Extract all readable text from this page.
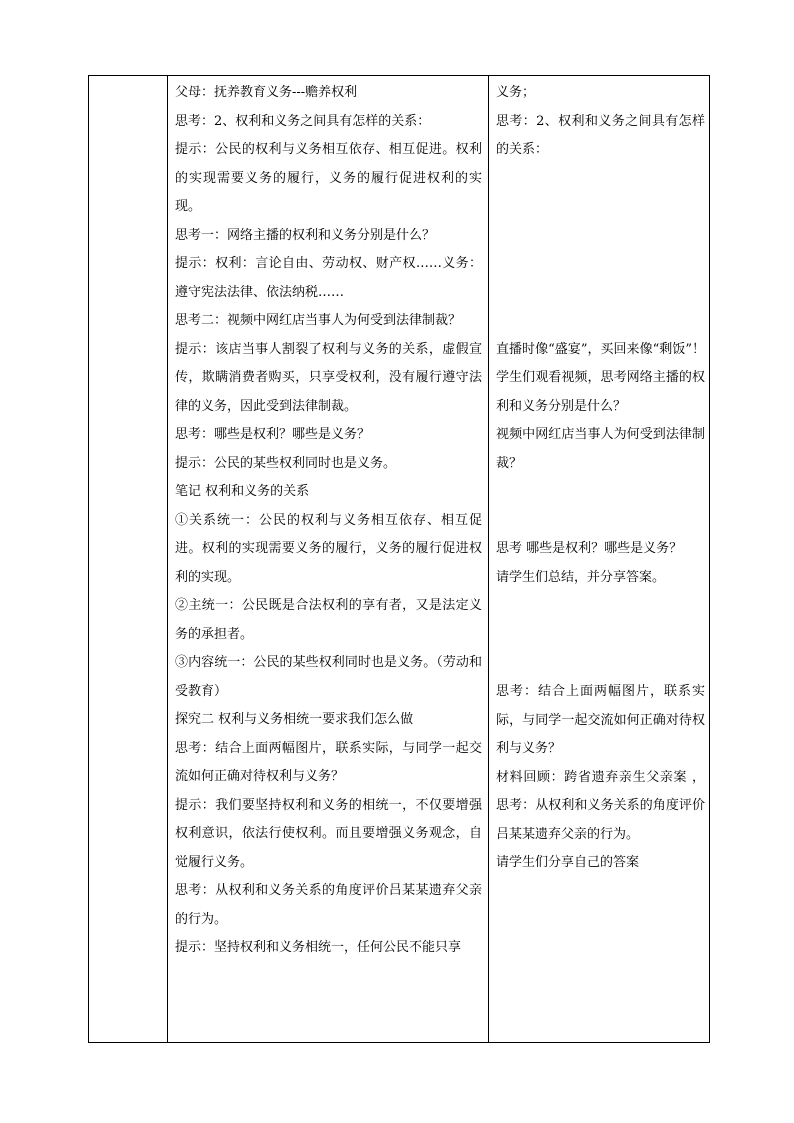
父母：抚养教育义务---赡养权利

思考：2、权利和义务之间具有怎样的关系：

提示：公民的权利与义务相互依存、相互促进。权利的实现需要义务的履行，义务的履行促进权利的实现。

思考一：网络主播的权利和义务分别是什么？

提示：权利：言论自由、劳动权、财产权……义务：遵守宪法法律、依法纳税……

思考二：视频中网红店当事人为何受到法律制裁？

提示：该店当事人割裂了权利与义务的关系，虚假宣传，欺瞒消费者购买，只享受权利，没有履行遵守法律的义务，因此受到法律制裁。

思考：哪些是权利？哪些是义务？

提示：公民的某些权利同时也是义务。

笔记 权利和义务的关系

①关系统一：公民的权利与义务相互依存、相互促进。权利的实现需要义务的履行，义务的履行促进权利的实现。

②主统一：公民既是合法权利的享有者，又是法定义务的承担者。

③内容统一：公民的某些权利同时也是义务。（劳动和受教育）

探究二 权利与义务相统一要求我们怎么做

思考：结合上面两幅图片，联系实际，与同学一起交流如何正确对待权利与义务？

提示：我们要坚持权利和义务的相统一，不仅要增强权利意识，依法行使权利。而且要增强义务观念，自觉履行义务。

思考：从权利和义务关系的角度评价吕某某遗弃父亲的行为。

提示：坚持权利和义务相统一，任何公民不能只享

义务；

思考：2、权利和义务之间具有怎样的关系：

直播时像“盛宴”，买回来像“剩饭”！学生们观看视频，思考网络主播的权利和义务分别是什么？

视频中网红店当事人为何受到法律制裁？

思考 哪些是权利？哪些是义务？

请学生们总结，并分享答案。

思考：结合上面两幅图片，联系实际，与同学一起交流如何正确对待权利与义务？

材料回顾：跨省遗弃亲生父亲案 ，思考：从权利和义务关系的角度评价吕某某遗弃父亲的行为。

请学生们分享自己的答案
